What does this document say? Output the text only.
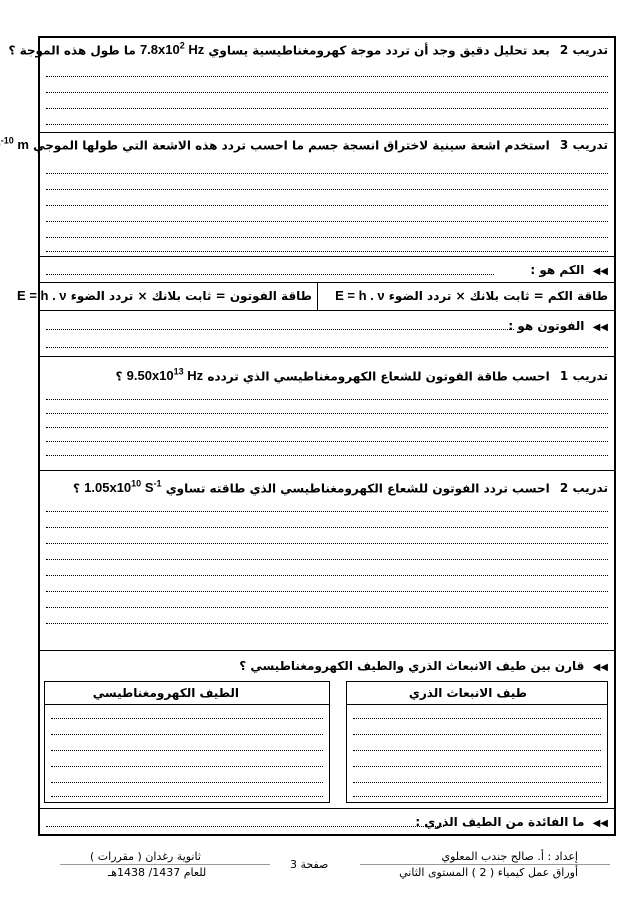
تدريب 2 بعد تحليل دقيق وجد أن تردد موجة كهرومغناطيسية يساوي $7.8x10^2$ Hz ما طول هذه الموجة ؟
تدريب 3 استخدم اشعة سينية لاختراق انسجة جسم ما احسب تردد هذه الاشعة التي طولها الموجي $^{-10}$ m
◀◀ الكم هو :
طاقة الكم = ثابت بلانك × تردد الضوء E = h . ν
طاقة الفوتون = ثابت بلانك × تردد الضوء E = h . ν
◀◀ الفوتون هو :
تدريب 1 احسب طاقة الفوتون للشعاع الكهرومغناطيسي الذي تردده $9.50x10^{13}$ Hz ؟
تدريب 2 احسب تردد الفوتون للشعاع الكهرومغناطيسي الذي طاقته تساوي $1.05x10^{10}$ $S^{-1}$ ؟
◀◀ قارن بين طيف الانبعاث الذري والطيف الكهرومغناطيسي ؟
طيف الانبعاث الذري
الطيف الكهرومغناطيسي
◀◀ ما الفائدة من الطيف الذري :
إعداد : أ. صالح جندب المعلوي
أوراق عمل كيمياء ( 2 ) المستوى الثاني
صفحة 3
ثانوية رغدان ( مقررات )
للعام 1437/ 1438هـ
